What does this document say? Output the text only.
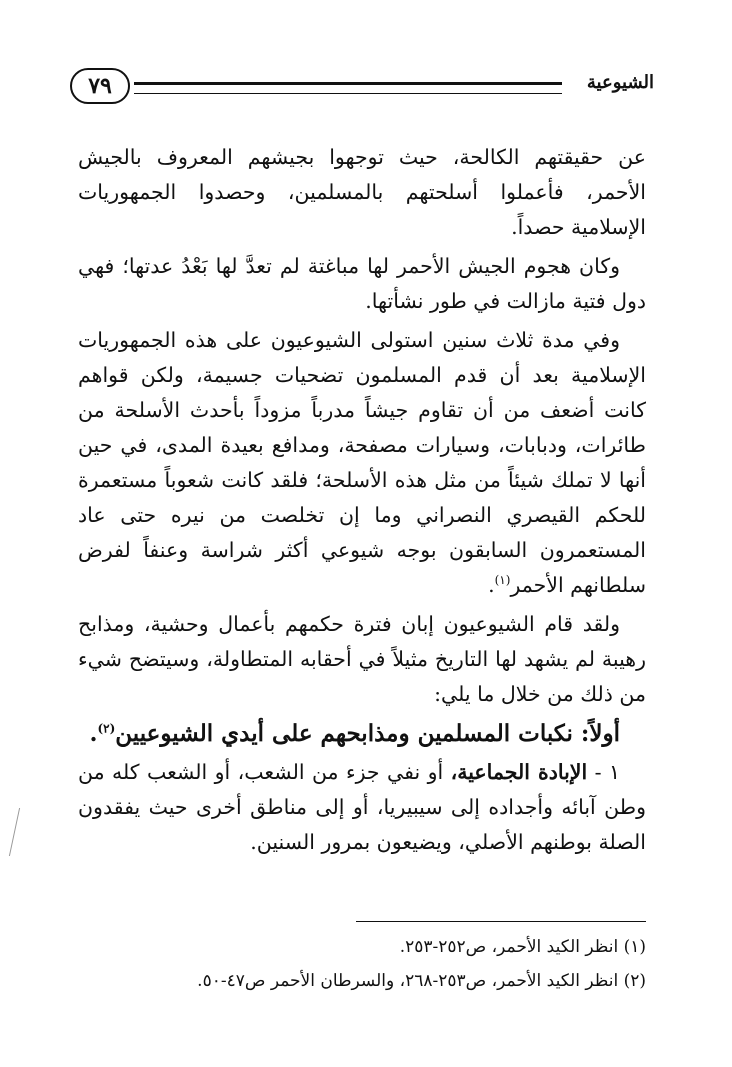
٧٩	الشيوعية

عن حقيقتهم الكالحة، حيث توجهوا بجيشهم المعروف بالجيش الأحمر، فأعملوا أسلحتهم بالمسلمين، وحصدوا الجمهوريات الإسلامية حصداً.

وكان هجوم الجيش الأحمر لها مباغتة لم تعدَّ لها بَعْدُ عدتها؛ فهي دول فتية مازالت في طور نشأتها.

وفي مدة ثلاث سنين استولى الشيوعيون على هذه الجمهوريات الإسلامية بعد أن قدم المسلمون تضحيات جسيمة، ولكن قواهم كانت أضعف من أن تقاوم جيشاً مدرباً مزوداً بأحدث الأسلحة من طائرات، ودبابات، وسيارات مصفحة، ومدافع بعيدة المدى، في حين أنها لا تملك شيئاً من مثل هذه الأسلحة؛ فلقد كانت شعوباً مستعمرة للحكم القيصري النصراني وما إن تخلصت من نيره حتى عاد المستعمرون السابقون بوجه شيوعي أكثر شراسة وعنفاً لفرض سلطانهم الأحمر$^{(١)}$.

ولقد قام الشيوعيون إبان فترة حكمهم بأعمال وحشية، ومذابح رهيبة لم يشهد لها التاريخ مثيلاً في أحقابه المتطاولة، وسيتضح شيء من ذلك من خلال ما يلي:

أولاً: نكبات المسلمين ومذابحهم على أيدي الشيوعيين$^{(٢)}$.

١ - الإبادة الجماعية، أو نفي جزء من الشعب، أو الشعب كله من وطن آبائه وأجداده إلى سيبيريا، أو إلى مناطق أخرى حيث يفقدون الصلة بوطنهم الأصلي، ويضيعون بمرور السنين.

(١) انظر الكيد الأحمر، ص٢٥٢-٢٥٣.
(٢) انظر الكيد الأحمر، ص٢٥٣-٢٦٨، والسرطان الأحمر ص٤٧-٥٠.
